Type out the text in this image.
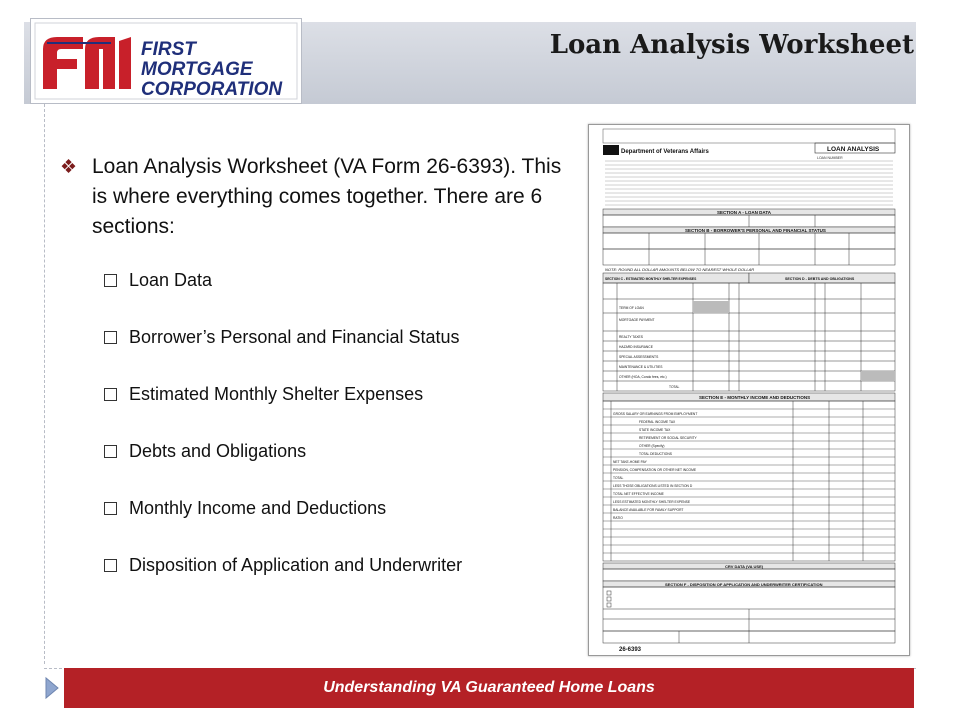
FIRST
MORTGAGE
CORPORATION
Loan Analysis Worksheet
❖ Loan Analysis Worksheet (VA Form 26-6393). This is where everything comes together. There are 6 sections:
Loan Data
Borrower’s Personal and Financial Status
Estimated Monthly Shelter Expenses
Debts and Obligations
Monthly Income and Deductions
Disposition of Application and Underwriter
Department of Veterans Affairs	LOAN ANALYSIS
LOAN NUMBER
SECTION A - LOAN DATA
SECTION B - BORROWER'S PERSONAL AND FINANCIAL STATUS
NOTE: ROUND ALL DOLLAR AMOUNTS BELOW TO NEAREST WHOLE DOLLAR
SECTION C - ESTIMATED MONTHLY SHELTER EXPENSES	SECTION D - DEBTS AND OBLIGATIONS
TERM OF LOAN
MORTGAGE PAYMENT
REALTY TAXES
HAZARD INSURANCE
SPECIAL ASSESSMENTS
MAINTENANCE & UTILITIES
OTHER (HOA, Condo fees, etc.)
TOTAL
SECTION E - MONTHLY INCOME AND DEDUCTIONS
GROSS SALARY OR EARNINGS FROM EMPLOYMENT
FEDERAL INCOME TAX
STATE INCOME TAX
RETIREMENT OR SOCIAL SECURITY
OTHER (Specify)
TOTAL DEDUCTIONS
NET TAKE-HOME PAY
PENSION, COMPENSATION OR OTHER NET INCOME
TOTAL
LESS THOSE OBLIGATIONS LISTED IN SECTION D
TOTAL NET EFFECTIVE INCOME
LESS ESTIMATED MONTHLY SHELTER EXPENSE
BALANCE AVAILABLE FOR FAMILY SUPPORT
RATIO
CRV DATA (VA USE)
SECTION F - DISPOSITION OF APPLICATION AND UNDERWRITER CERTIFICATION
26-6393
Understanding VA Guaranteed Home Loans
